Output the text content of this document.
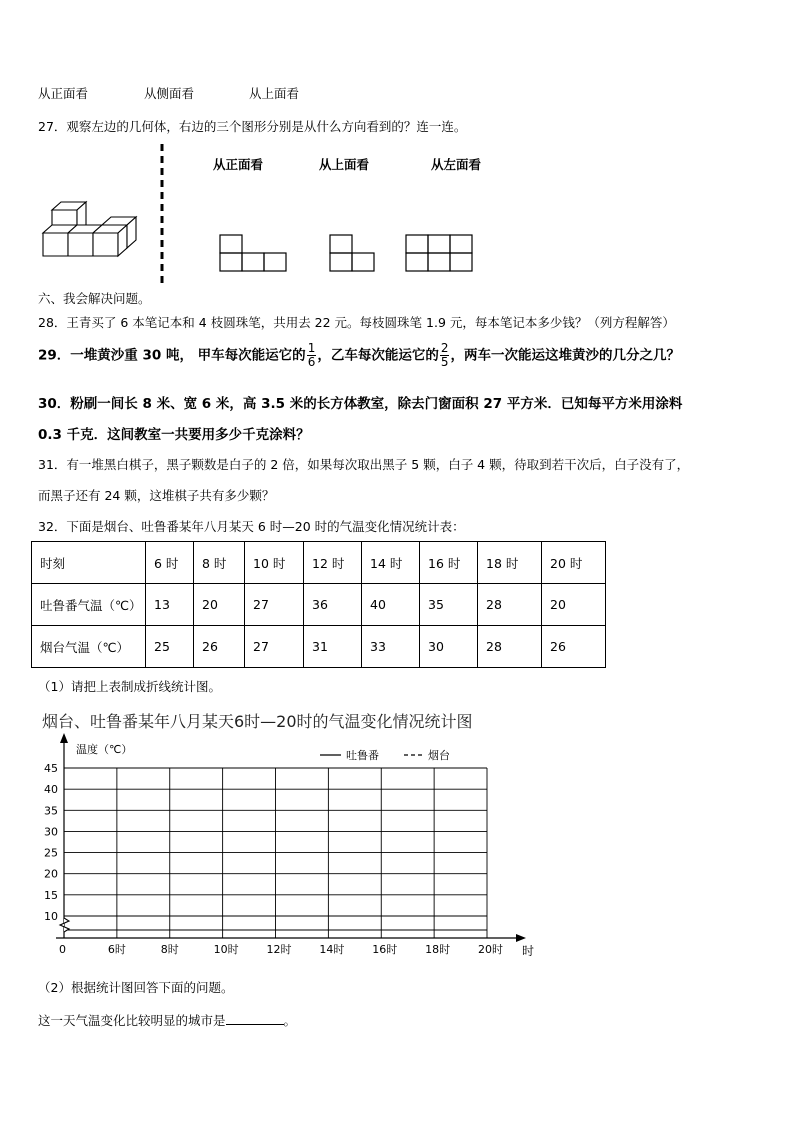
从正面看	从侧面看	从上面看
27．观察左边的几何体，右边的三个图形分别是从什么方向看到的？连一连。
从正面看	从上面看	从左面看
六、我会解决问题。
28．王青买了 6 本笔记本和 4 枝圆珠笔，共用去 22 元。每枝圆珠笔 1.9 元，每本笔记本多少钱？（列方程解答）
29．一堆黄沙重 30 吨， 甲车每次能运它的 $\frac{1}{6}$ ，乙车每次能运它的 $\frac{2}{5}$ ，两车一次能运这堆黄沙的几分之几？
30．粉刷一间长 8 米、宽 6 米，高 3.5 米的长方体教室，除去门窗面积 27 平方米．已知每平方米用涂料
0.3 千克．这间教室一共要用多少千克涂料？
31．有一堆黑白棋子，黑子颗数是白子的 2 倍，如果每次取出黑子 5 颗，白子 4 颗，待取到若干次后，白子没有了，
而黑子还有 24 颗，这堆棋子共有多少颗？
32．下面是烟台、吐鲁番某年八月某天 6 时—20 时的气温变化情况统计表：
时刻	6 时	8 时	10 时	12 时	14 时	16 时	18 时	20 时
吐鲁番气温（℃）	13	20	27	36	40	35	28	20
烟台气温（℃）	25	26	27	31	33	30	28	26
（1）请把上表制成折线统计图。
烟台、吐鲁番某年八月某天6时—20时的气温变化情况统计图
温度（℃）	吐鲁番	烟台
10
15
20
25
30
35
40
45
0	6时	8时	10时	12时	14时	16时	18时	20时 时
（2）根据统计图回答下面的问题。
这一天气温变化比较明显的城市是	。
